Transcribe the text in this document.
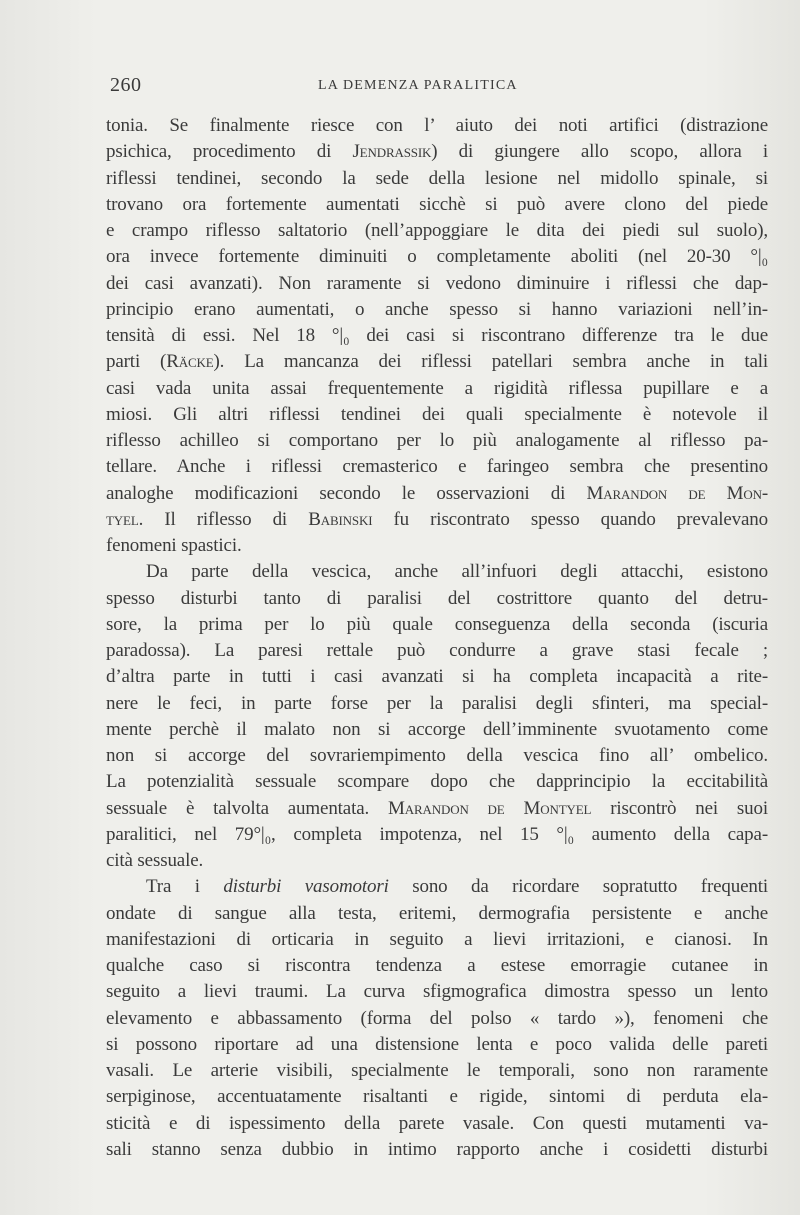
260	LA DEMENZA PARALITICA
tonia. Se finalmente riesce con l’ aiuto dei noti artifici (distrazione
psichica, procedimento di Jendrassik) di giungere allo scopo, allora i
riflessi tendinei, secondo la sede della lesione nel midollo spinale, si
trovano ora fortemente aumentati sicchè si può avere clono del piede
e crampo riflesso saltatorio (nell’appoggiare le dita dei piedi sul suolo),
ora invece fortemente diminuiti o completamente aboliti (nel 20-30 °|₀
dei casi avanzati). Non raramente si vedono diminuire i riflessi che dap-
principio erano aumentati, o anche spesso si hanno variazioni nell’in-
tensità di essi. Nel 18 °|₀ dei casi si riscontrano differenze tra le due
parti (Räcke). La mancanza dei riflessi patellari sembra anche in tali
casi vada unita assai frequentemente a rigidità riflessa pupillare e a
miosi. Gli altri riflessi tendinei dei quali specialmente è notevole il
riflesso achilleo si comportano per lo più analogamente al riflesso pa-
tellare. Anche i riflessi cremasterico e faringeo sembra che presentino
analoghe modificazioni secondo le osservazioni di Marandon de Mon-
tyel. Il riflesso di Babinski fu riscontrato spesso quando prevalevano
fenomeni spastici.
Da parte della vescica, anche all’infuori degli attacchi, esistono
spesso disturbi tanto di paralisi del costrittore quanto del detru-
sore, la prima per lo più quale conseguenza della seconda (iscuria
paradossa). La paresi rettale può condurre a grave stasi fecale ;
d’altra parte in tutti i casi avanzati si ha completa incapacità a rite-
nere le feci, in parte forse per la paralisi degli sfinteri, ma special-
mente perchè il malato non si accorge dell’imminente svuotamento come
non si accorge del sovrariempimento della vescica fino all’ ombelico.
La potenzialità sessuale scompare dopo che dapprincipio la eccitabilità
sessuale è talvolta aumentata. Marandon de Montyel riscontrò nei suoi
paralitici, nel 79°|₀, completa impotenza, nel 15 °|₀ aumento della capa-
cità sessuale.
Tra i disturbi vasomotori sono da ricordare sopratutto frequenti
ondate di sangue alla testa, eritemi, dermografia persistente e anche
manifestazioni di orticaria in seguito a lievi irritazioni, e cianosi. In
qualche caso si riscontra tendenza a estese emorragie cutanee in
seguito a lievi traumi. La curva sfigmografica dimostra spesso un lento
elevamento e abbassamento (forma del polso « tardo »), fenomeni che
si possono riportare ad una distensione lenta e poco valida delle pareti
vasali. Le arterie visibili, specialmente le temporali, sono non raramente
serpiginose, accentuatamente risaltanti e rigide, sintomi di perduta ela-
sticità e di ispessimento della parete vasale. Con questi mutamenti va-
sali stanno senza dubbio in intimo rapporto anche i cosidetti disturbi
